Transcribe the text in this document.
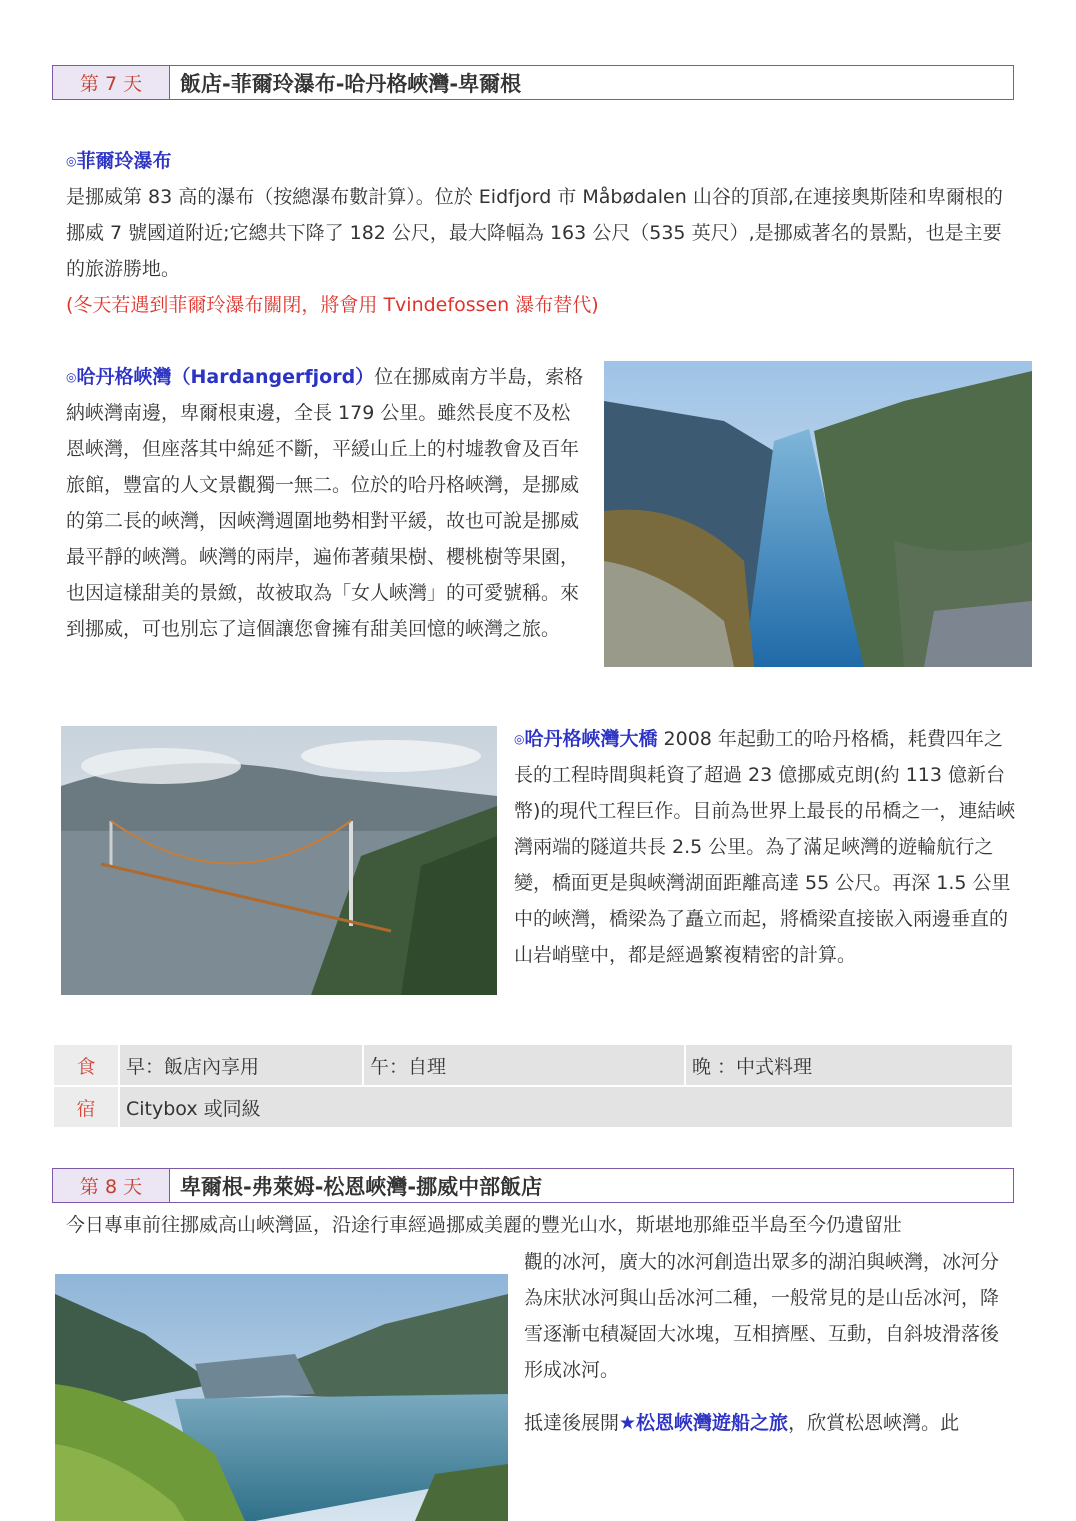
第 7 天	飯店-菲爾玲瀑布-哈丹格峽灣-卑爾根

◎菲爾玲瀑布
是挪威第 83 高的瀑布（按總瀑布數計算）。位於 Eidfjord 市 Måbødalen 山谷的頂部,在連接奧斯陸和卑爾根的挪威 7 號國道附近;它總共下降了 182 公尺，最大降幅為 163 公尺（535 英尺）,是挪威著名的景點，也是主要的旅游勝地。
(冬天若遇到菲爾玲瀑布關閉，將會用 Tvindefossen 瀑布替代)

◎哈丹格峽灣（Hardangerfjord）位在挪威南方半島，索格納峽灣南邊，卑爾根東邊，全長 179 公里。雖然長度不及松恩峽灣，但座落其中綿延不斷，平緩山丘上的村墟教會及百年旅館，豐富的人文景觀獨一無二。位於的哈丹格峽灣，是挪威的第二長的峽灣，因峽灣週圍地勢相對平緩，故也可說是挪威最平靜的峽灣。峽灣的兩岸，遍佈著蘋果樹、櫻桃樹等果園，也因這樣甜美的景緻，故被取為「女人峽灣」的可愛號稱。來到挪威，可也別忘了這個讓您會擁有甜美回憶的峽灣之旅。

◎哈丹格峽灣大橋 2008 年起動工的哈丹格橋，耗費四年之長的工程時間與耗資了超過 23 億挪威克朗(約 113 億新台幣)的現代工程巨作。目前為世界上最長的吊橋之一，連結峽灣兩端的隧道共長 2.5 公里。為了滿足峽灣的遊輪航行之變，橋面更是與峽灣湖面距離高達 55 公尺。再深 1.5 公里中的峽灣，橋梁為了矗立而起，將橋梁直接嵌入兩邊垂直的山岩峭壁中，都是經過繁複精密的計算。

食	早：飯店內享用	午：自理	晚 ：中式料理
宿	Citybox 或同級		
第 8 天	卑爾根-弗萊姆-松恩峽灣-挪威中部飯店

今日專車前往挪威高山峽灣區，沿途行車經過挪威美麗的豐光山水，斯堪地那維亞半島至今仍遺留壯

觀的冰河，廣大的冰河創造出眾多的湖泊與峽灣，冰河分為床狀冰河與山岳冰河二種，一般常見的是山岳冰河，降雪逐漸屯積凝固大冰塊，互相擠壓、互動，自斜坡滑落後形成冰河。

抵達後展開★松恩峽灣遊船之旅，欣賞松恩峽灣。此
